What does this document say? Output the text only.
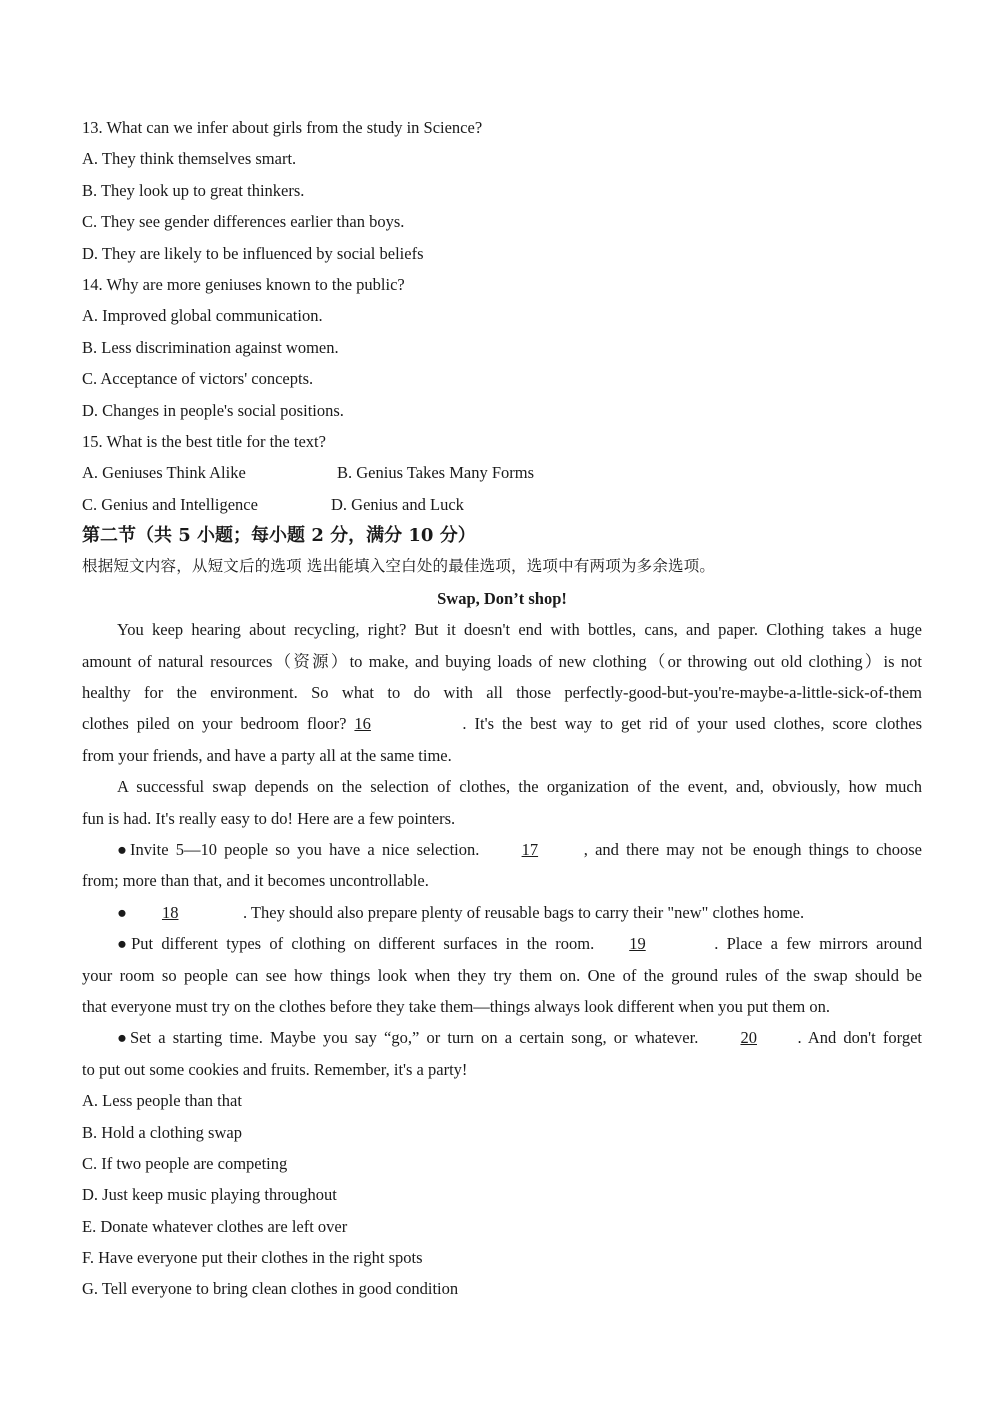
13. What can we infer about girls from the study in Science?
A. They think themselves smart.
B. They look up to great thinkers.
C. They see gender differences earlier than boys.
D. They are likely to be influenced by social beliefs
14. Why are more geniuses known to the public?
A. Improved global communication.
B. Less discrimination against women.
C. Acceptance of victors' concepts.
D. Changes in people's social positions.
15. What is the best title for the text?
A. Geniuses Think Alike	B. Genius Takes Many Forms
C. Genius and Intelligence	D. Genius and Luck
第二节（共 5 小题；每小题 2 分，满分 10 分）
根据短文内容，从短文后的选项 选出能填入空白处的最佳选项，选项中有两项为多余选项。
Swap, Don’t shop!
You keep hearing about recycling, right? But it doesn't end with bottles, cans, and paper. Clothing takes a huge
amount of natural resources（资源）to make, and buying loads of new clothing（or throwing out old clothing）is not
healthy for the environment. So what to do with all those perfectly-good-but-you're-maybe-a-little-sick-of-them
clothes piled on your bedroom floor? 16	. It's the best way to get rid of your used clothes, score clothes
from your friends, and have a party all at the same time.
A successful swap depends on the selection of clothes, the organization of the event, and, obviously, how much
fun is had. It's really easy to do! Here are a few pointers.
●Invite 5—10 people so you have a nice selection. 17 , and there may not be enough things to choose
from; more than that, and it becomes uncontrollable.
● 18	. They should also prepare plenty of reusable bags to carry their "new" clothes home.
●Put different types of clothing on different surfaces in the room. 19	. Place a few mirrors around
your room so people can see how things look when they try them on. One of the ground rules of the swap should be
that everyone must try on the clothes before they take them—things always look different when you put them on.
●Set a starting time. Maybe you say “go,” or turn on a certain song, or whatever. 20 . And don't forget
to put out some cookies and fruits. Remember, it's a party!
A. Less people than that
B. Hold a clothing swap
C. If two people are competing
D. Just keep music playing throughout
E. Donate whatever clothes are left over
F. Have everyone put their clothes in the right spots
G. Tell everyone to bring clean clothes in good condition
